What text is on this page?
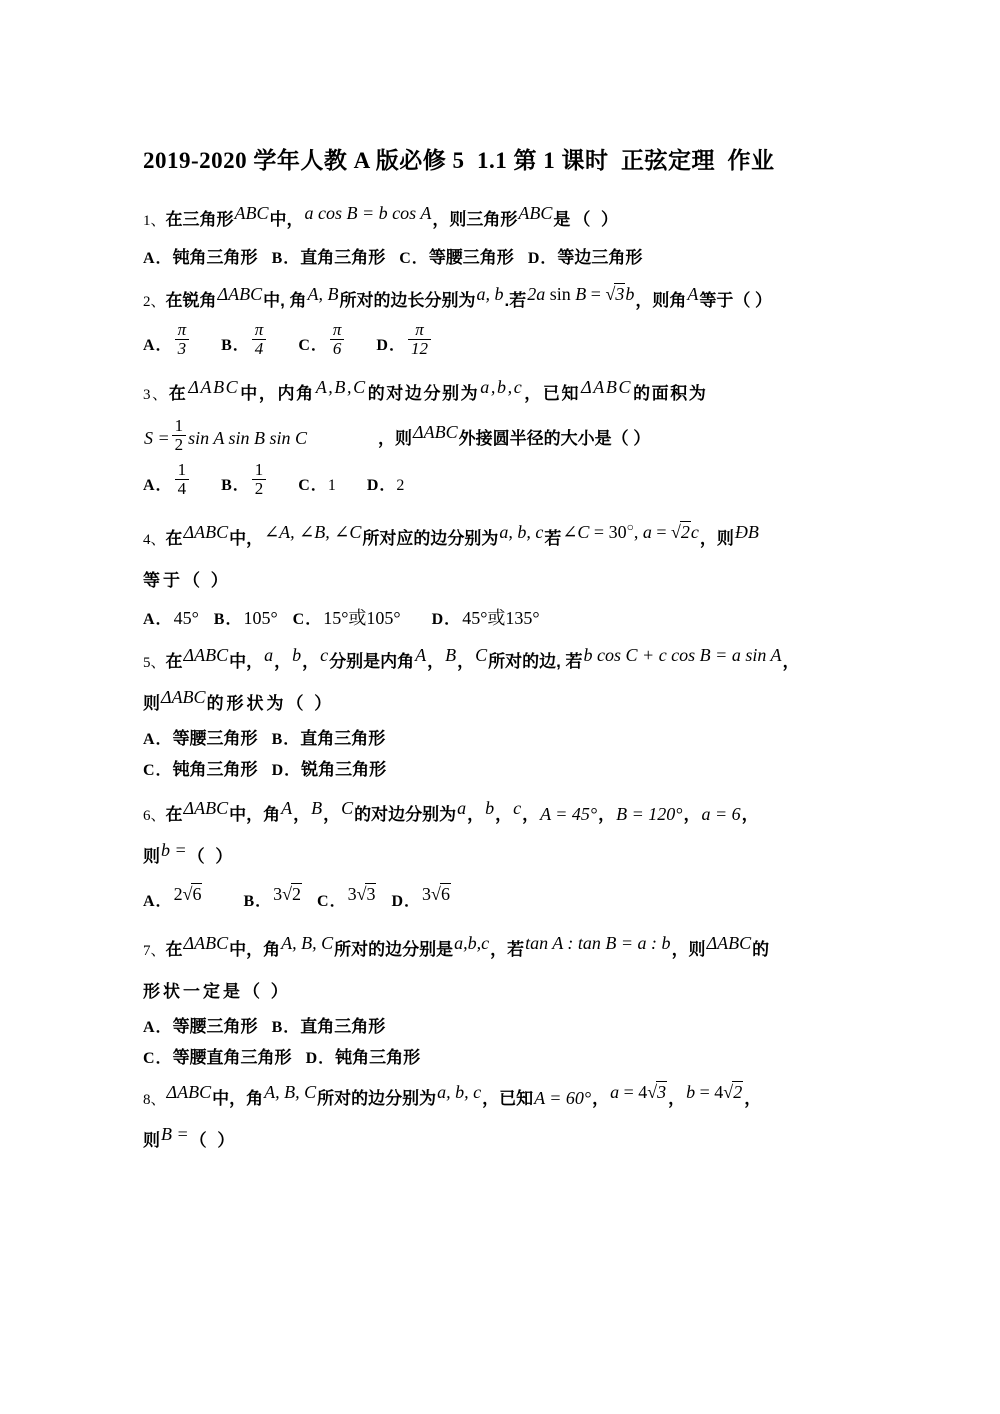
2019-2020 学年人教 A 版必修 5  1.1 第 1 课时  正弦定理  作业
1、在三角形ABC中，a cos B = b cos A，则三角形ABC是（ ）
A．钝角三角形 B．直角三角形 C．等腰三角形 D．等边三角形
2、在锐角ΔABC中, 角A, B所对的边长分别为a, b.若2a sin B = √3b，则角A等于（ ）
A． $\frac{\pi}{3}$ B． $\frac{\pi}{4}$ C． $\frac{\pi}{6}$ D． $\frac{\pi}{12}$
3、在ΔABC中，内角A,B,C的对边分别为a,b,c，已知ΔABC的面积为
$S = \frac{1}{2}$ sin A sin B sin C	，则ΔABC外接圆半径的大小是（ ）
A． $\frac{1}{4}$ B． $\frac{1}{2}$ C．1 D．2
4、在ΔABC中，∠A, ∠B, ∠C所对应的边分别为a, b, c若∠C = 30○, a = √2c，则ÐB
等于（ ）
A．45° B．105° C．15°或105° D．45°或135°
5、在ΔABC中，a，b，c分别是内角A，B，C所对的边, 若b cos C + c cos B = a sin A，
则ΔABC的形状为（ ）
A．等腰三角形 B．直角三角形
C．钝角三角形 D．锐角三角形
6、在ΔABC中，角A，B，C的对边分别为a，b，c，A = 45°，B = 120°，a = 6，
则b =（ ）
A．2√6	B．3√2 C．3√3 D．3√6
7、在ΔABC中，角A, B, C所对的边分别是a,b,c，若tan A : tan B = a : b，则ΔABC的
形状一定是（ ）
A．等腰三角形 B．直角三角形
C．等腰直角三角形 D．钝角三角形
8、ΔABC中，角A, B, C所对的边分别为a, b, c，已知A = 60°，a = 4√3 ，b = 4√2 ，
则B =（ ）
